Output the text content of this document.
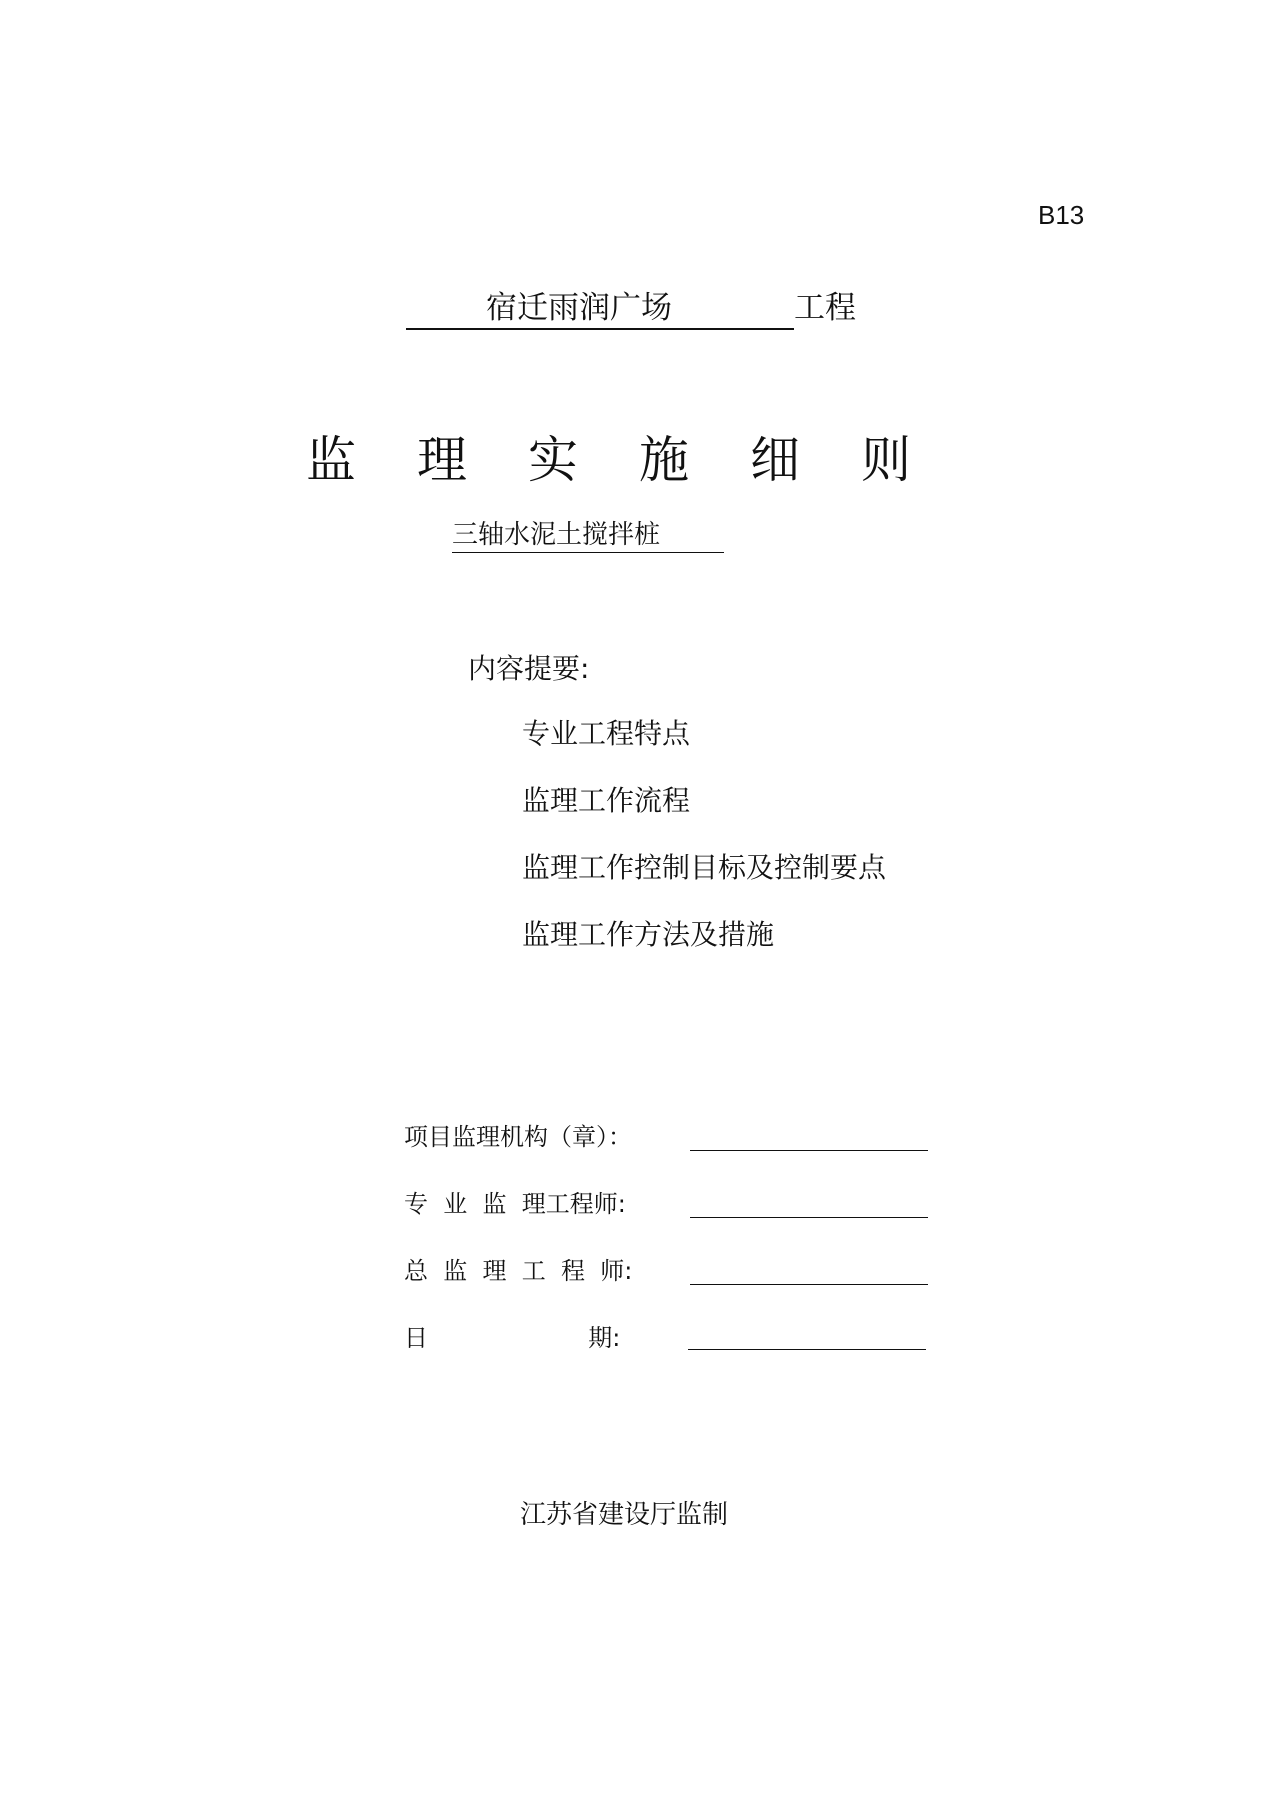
B13
宿迁雨润广场	工程
监理实施细则
三轴水泥土搅拌桩
内容提要:
专业工程特点
监理工作流程
监理工作控制目标及控制要点
监理工作方法及措施
项目监理机构（章）：
专  业  监  理工程师:
总  监  理  工  程  师:
日                     期:
江苏省建设厅监制
